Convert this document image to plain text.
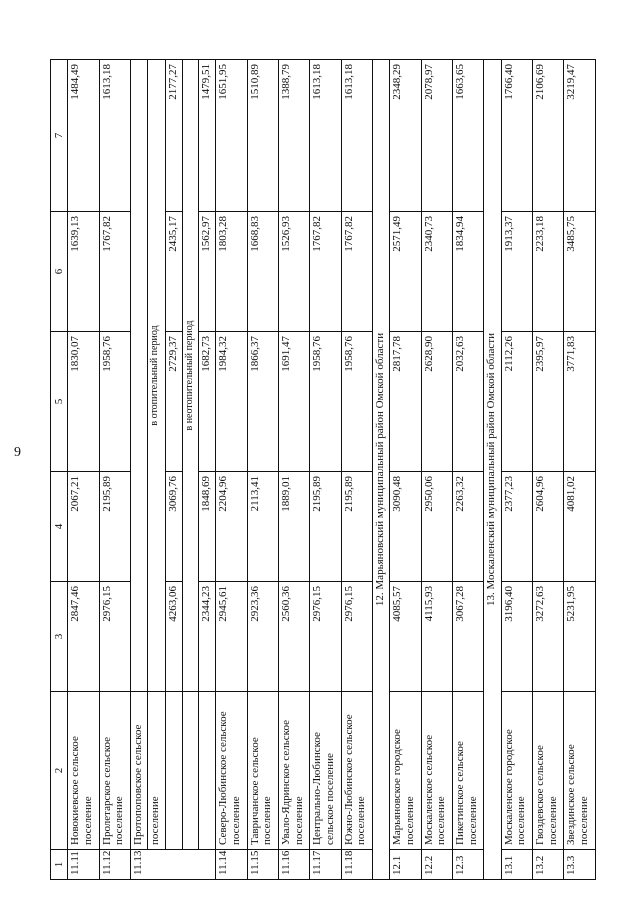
9
1	2	3	4	5	6	7
11.11	Новокиевское сельское поселение	2847,46	2067,21	1830,07	1639,13	1484,49
11.12	Пролетарское сельское поселение	2976,15	2195,89	1958,76	1767,82	1613,18
11.13	Протопоповское сельское					
	поселение	в отопительный период				
		4263,06	3069,76	2729,37	2435,17	2177,27
		в неотопительный период				
		2344,23	1848,69	1682,73	1562,97	1479,51
11.14	Северо-Любинское сельское поселение	2945,61	2204,96	1984,32	1803,28	1651,95
11.15	Тавричанское сельское поселение	2923,36	2113,41	1866,37	1668,83	1510,89
11.16	Увало-Ядринское сельское поселение	2560,36	1889,01	1691,47	1526,93	1388,79
11.17	Центрально-Любинское сельское поселение	2976,15	2195,89	1958,76	1767,82	1613,18
11.18	Южно-Любинское сельское поселение	2976,15	2195,89	1958,76	1767,82	1613,18
12. Марьяновский муниципальный район Омской области						
12.1	Марьяновское городское поселение	4085,57	3090,48	2817,78	2571,49	2348,29
12.2	Москаленское сельское поселение	4115,93	2950,06	2628,90	2340,73	2078,97
12.3	Пикетинское сельское поселение	3067,28	2263,32	2032,63	1834,94	1663,65
13. Москаленский муниципальный район Омской области						
13.1	Москаленское городское поселение	3196,40	2377,23	2112,26	1913,37	1766,40
13.2	Гвоздевское сельское поселение	3272,63	2604,96	2395,97	2233,18	2106,69
13.3	Звездинское сельское поселение	5231,95	4081,02	3771,83	3485,75	3219,47
